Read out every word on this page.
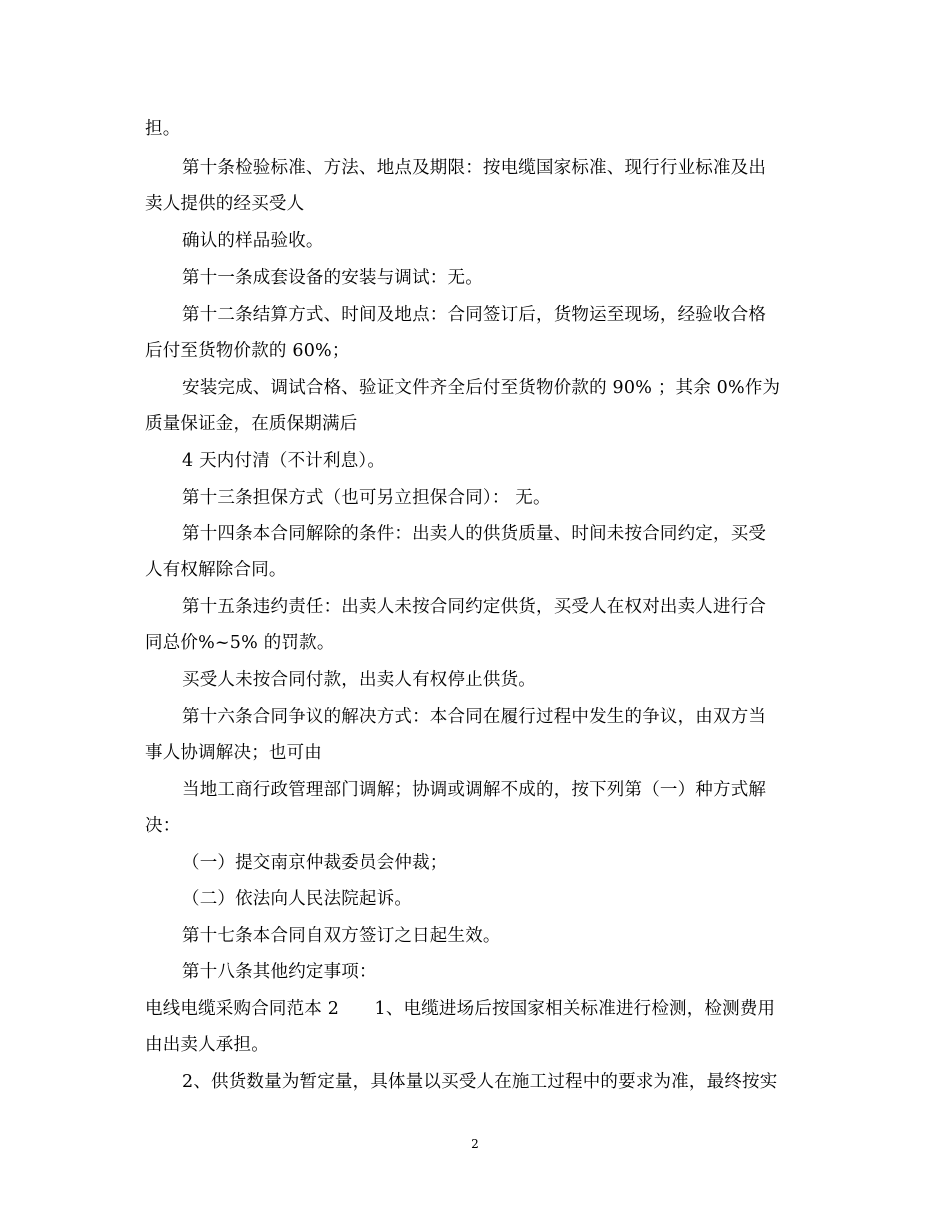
担。
第十条检验标准、方法、地点及期限：按电缆国家标准、现行行业标准及出
卖人提供的经买受人
确认的样品验收。
第十一条成套设备的安装与调试：无。
第十二条结算方式、时间及地点：合同签订后，货物运至现场，经验收合格
后付至货物价款的 60%；
安装完成、调试合格、验证文件齐全后付至货物价款的 90% ；其余 0%作为
质量保证金，在质保期满后
4 天内付清（不计利息）。
第十三条担保方式（也可另立担保合同）： 无。
第十四条本合同解除的条件：出卖人的供货质量、时间未按合同约定，买受
人有权解除合同。
第十五条违约责任：出卖人未按合同约定供货，买受人在权对出卖人进行合
同总价%~5% 的罚款。
买受人未按合同付款，出卖人有权停止供货。
第十六条合同争议的解决方式：本合同在履行过程中发生的争议，由双方当
事人协调解决；也可由
当地工商行政管理部门调解；协调或调解不成的，按下列第（一）种方式解
决：
（一）提交南京仲裁委员会仲裁；
（二）依法向人民法院起诉。
第十七条本合同自双方签订之日起生效。
第十八条其他约定事项：
电线电缆采购合同范本 2　　1、电缆进场后按国家相关标准进行检测，检测费用
由出卖人承担。
2、供货数量为暂定量，具体量以买受人在施工过程中的要求为准，最终按实
2
